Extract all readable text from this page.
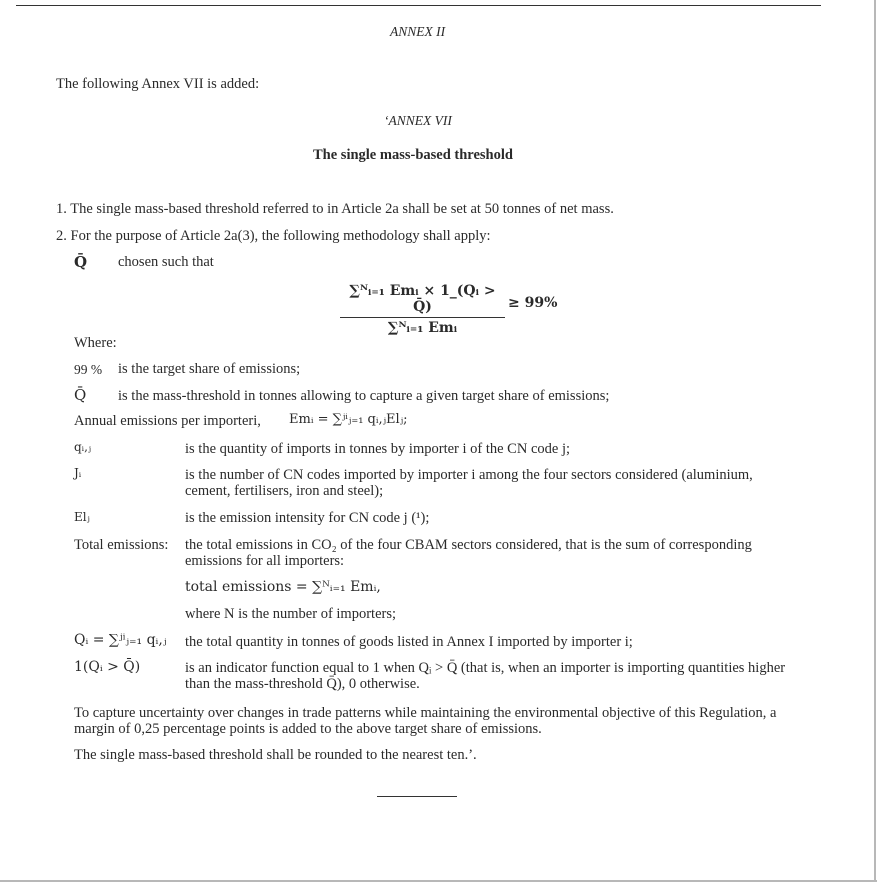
ANNEX II
The following Annex VII is added:
‘ANNEX VII
The single mass-based threshold
1. The single mass-based threshold referred to in Article 2a shall be set at 50 tonnes of net mass.
2. For the purpose of Article 2a(3), the following methodology shall apply:
Q̄ chosen such that
∑ᴺᵢ₌₁ Emᵢ × 1_(Qᵢ > Q̄)
∑ᴺᵢ₌₁ Emᵢ
≥ 99%
Where:
99 % is the target share of emissions;
Q̄ is the mass-threshold in tonnes allowing to capture a given target share of emissions;
Annual emissions per importeri, Emᵢ = ∑ʲⁱⱼ₌₁ qᵢ,ⱼElⱼ;
qᵢ,ⱼ	is the quantity of imports in tonnes by importer i of the CN code j;
Jᵢ	is the number of CN codes imported by importer i among the four sectors considered (aluminium, cement, fertilisers, iron and steel);
Elⱼ	is the emission intensity for CN code j (¹);
Total emissions: the total emissions in CO₂ of the four CBAM sectors considered, that is the sum of corresponding emissions for all importers:
total emissions = ∑ᴺᵢ₌₁ Emᵢ,
where N is the number of importers;
Qᵢ = ∑ʲⁱⱼ₌₁ qᵢ,ⱼ the total quantity in tonnes of goods listed in Annex I imported by importer i;
1(Qᵢ > Q̄)	is an indicator function equal to 1 when Qᵢ > Q̄ (that is, when an importer is importing quantities higher than the mass-threshold Q̄), 0 otherwise.
To capture uncertainty over changes in trade patterns while maintaining the environmental objective of this Regulation, a margin of 0,25 percentage points is added to the above target share of emissions.
The single mass-based threshold shall be rounded to the nearest ten.’.
